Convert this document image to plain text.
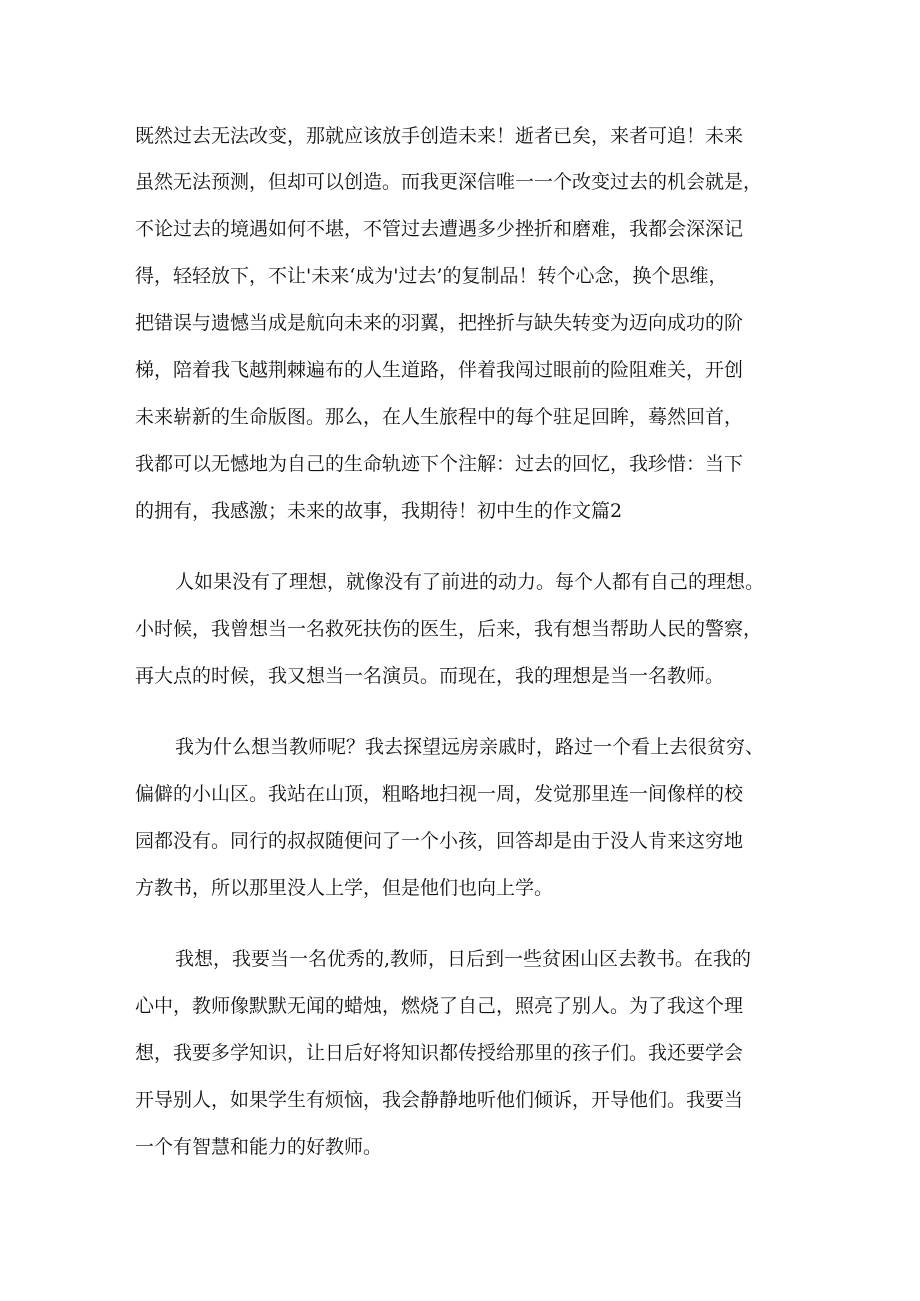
既然过去无法改变，那就应该放手创造未来！逝者已矣，来者可追！未来
虽然无法预测，但却可以创造。而我更深信唯一一个改变过去的机会就是，
不论过去的境遇如何不堪，不管过去遭遇多少挫折和磨难，我都会深深记
得，轻轻放下，不让'未来‘成为'过去’的复制品！转个心念，换个思维，
把错误与遗憾当成是航向未来的羽翼，把挫折与缺失转变为迈向成功的阶
梯，陪着我飞越荆棘遍布的人生道路，伴着我闯过眼前的险阻难关，开创
未来崭新的生命版图。那么，在人生旅程中的每个驻足回眸，蓦然回首，
我都可以无憾地为自己的生命轨迹下个注解：过去的回忆，我珍惜：当下
的拥有，我感激；未来的故事，我期待！初中生的作文篇2
人如果没有了理想，就像没有了前进的动力。每个人都有自己的理想。
小时候，我曾想当一名救死扶伤的医生，后来，我有想当帮助人民的警察，
再大点的时候，我又想当一名演员。而现在，我的理想是当一名教师。
我为什么想当教师呢？我去探望远房亲戚时，路过一个看上去很贫穷、
偏僻的小山区。我站在山顶，粗略地扫视一周，发觉那里连一间像样的校
园都没有。同行的叔叔随便问了一个小孩，回答却是由于没人肯来这穷地
方教书，所以那里没人上学，但是他们也向上学。
我想，我要当一名优秀的,教师，日后到一些贫困山区去教书。在我的
心中，教师像默默无闻的蜡烛，燃烧了自己，照亮了别人。为了我这个理
想，我要多学知识，让日后好将知识都传授给那里的孩子们。我还要学会
开导别人，如果学生有烦恼，我会静静地听他们倾诉，开导他们。我要当
一个有智慧和能力的好教师。
